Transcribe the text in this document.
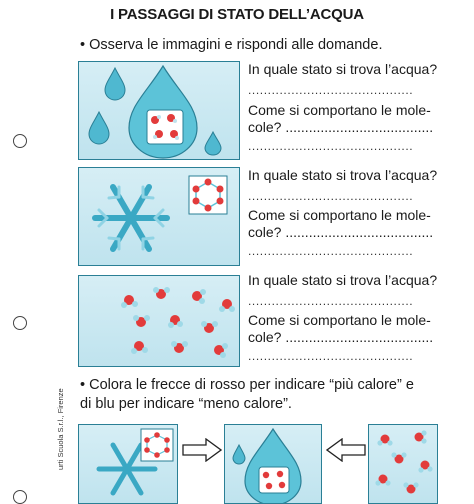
urti Scuola S.r.l., Firenze
I PASSAGGI DI STATO DELL’ACQUA
• Osserva le immagini e rispondi alle domande.
In quale stato si trova l’acqua?
..........................................
Come si comportano le mole-
cole? ......................................
..........................................
In quale stato si trova l’acqua?
..........................................
Come si comportano le mole-
cole? ......................................
..........................................
In quale stato si trova l’acqua?
..........................................
Come si comportano le mole-
cole? ......................................
..........................................
• Colora le frecce di rosso per indicare “più calore” e
di blu per indicare “meno calore”.
